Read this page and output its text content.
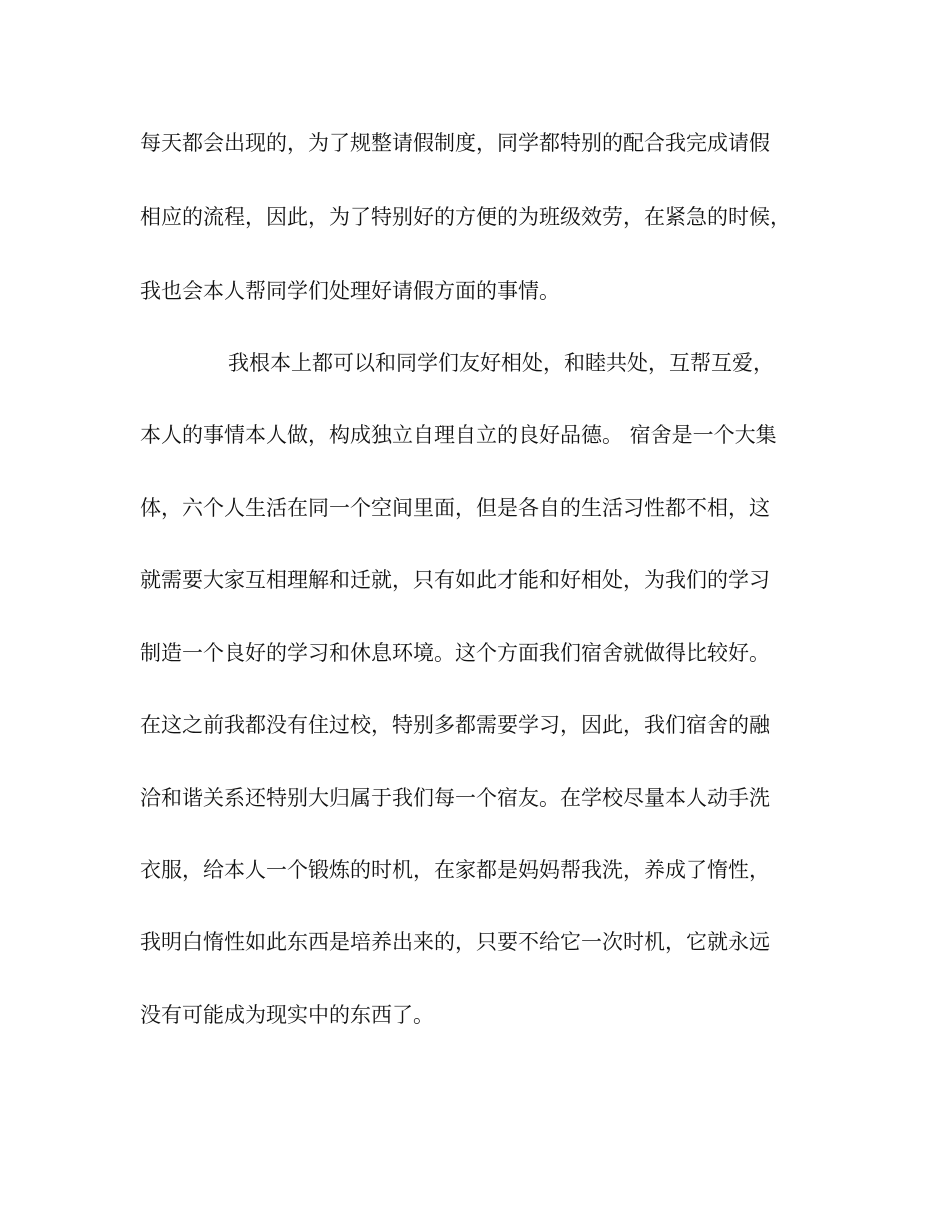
每天都会出现的，为了规整请假制度，同学都特别的配合我完成请假
相应的流程，因此，为了特别好的方便的为班级效劳，在紧急的时候，
我也会本人帮同学们处理好请假方面的事情。
我根本上都可以和同学们友好相处，和睦共处，互帮互爱，
本人的事情本人做，构成独立自理自立的良好品德。 宿舍是一个大集
体，六个人生活在同一个空间里面，但是各自的生活习性都不相，这
就需要大家互相理解和迁就，只有如此才能和好相处，为我们的学习
制造一个良好的学习和休息环境。这个方面我们宿舍就做得比较好。
在这之前我都没有住过校，特别多都需要学习，因此，我们宿舍的融
洽和谐关系还特别大归属于我们每一个宿友。在学校尽量本人动手洗
衣服，给本人一个锻炼的时机，在家都是妈妈帮我洗，养成了惰性，
我明白惰性如此东西是培养出来的，只要不给它一次时机，它就永远
没有可能成为现实中的东西了。
